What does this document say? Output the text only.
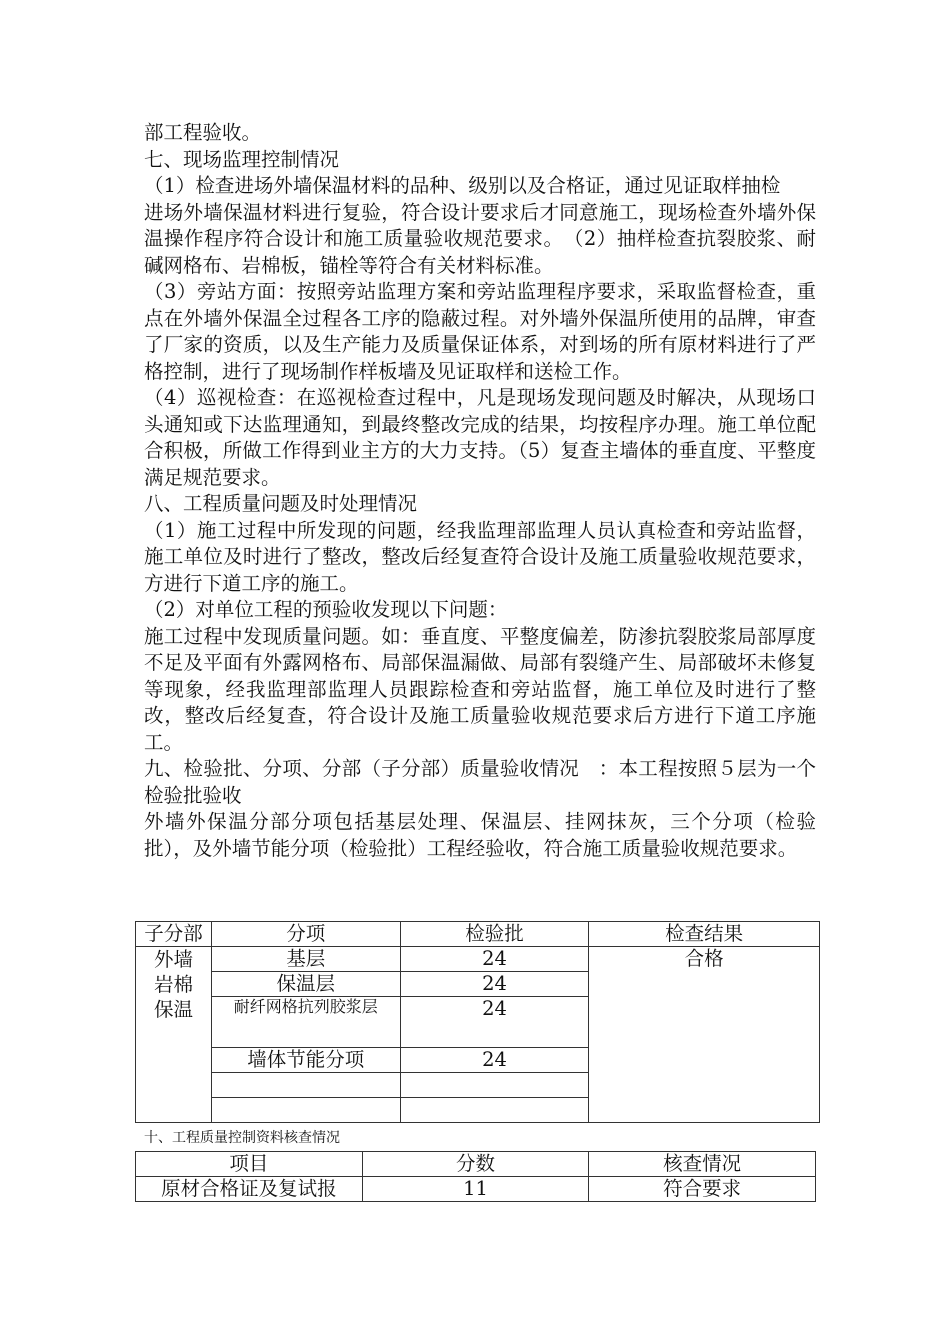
部工程验收。

七、现场监理控制情况

（1）检查进场外墙保温材料的品种、级别以及合格证，通过见证取样抽检

进场外墙保温材料进行复验，符合设计要求后才同意施工，现场检查外墙外保温操作程序符合设计和施工质量验收规范要求。　（2）抽样检查抗裂胶浆、耐碱网格布、岩棉板，锚栓等符合有关材料标准。

（3）旁站方面：按照旁站监理方案和旁站监理程序要求，采取监督检查，重点在外墙外保温全过程各工序的隐蔽过程。对外墙外保温所使用的品牌，审查了厂家的资质，以及生产能力及质量保证体系，对到场的所有原材料进行了严格控制，进行了现场制作样板墙及见证取样和送检工作。

（4）巡视检查：在巡视检查过程中，凡是现场发现问题及时解决，从现场口头通知或下达监理通知，到最终整改完成的结果，均按程序办理。施工单位配合积极，所做工作得到业主方的大力支持。（5）复查主墙体的垂直度、平整度满足规范要求。

八、工程质量问题及时处理情况

（1）施工过程中所发现的问题，经我监理部监理人员认真检查和旁站监督，施工单位及时进行了整改，整改后经复查符合设计及施工质量验收规范要求，方进行下道工序的施工。

（2）对单位工程的预验收发现以下问题：

施工过程中发现质量问题。如：垂直度、平整度偏差，防渗抗裂胶浆局部厚度不足及平面有外露网格布、局部保温漏做、局部有裂缝产生、局部破坏未修复等现象，经我监理部监理人员跟踪检查和旁站监督，施工单位及时进行了整改，整改后经复查，符合设计及施工质量验收规范要求后方进行下道工序施工。

九、检验批、分项、分部（子分部）质量验收情况　：本工程按照５层为一个检验批验收

外墙外保温分部分项包括基层处理、保温层、挂网抹灰，三个分项（检验批），及外墙节能分项（检验批）工程经验收，符合施工质量验收规范要求。

子分部	分项	检验批	检查结果
外墙岩棉保温	基层	24	合格
	保温层	24	
	耐纤网格抗列胶浆层	24	
	墙体节能分项	24	

十、工程质量控制资料核查情况
项目	分数	核查情况
原材合格证及复试报	11	符合要求
